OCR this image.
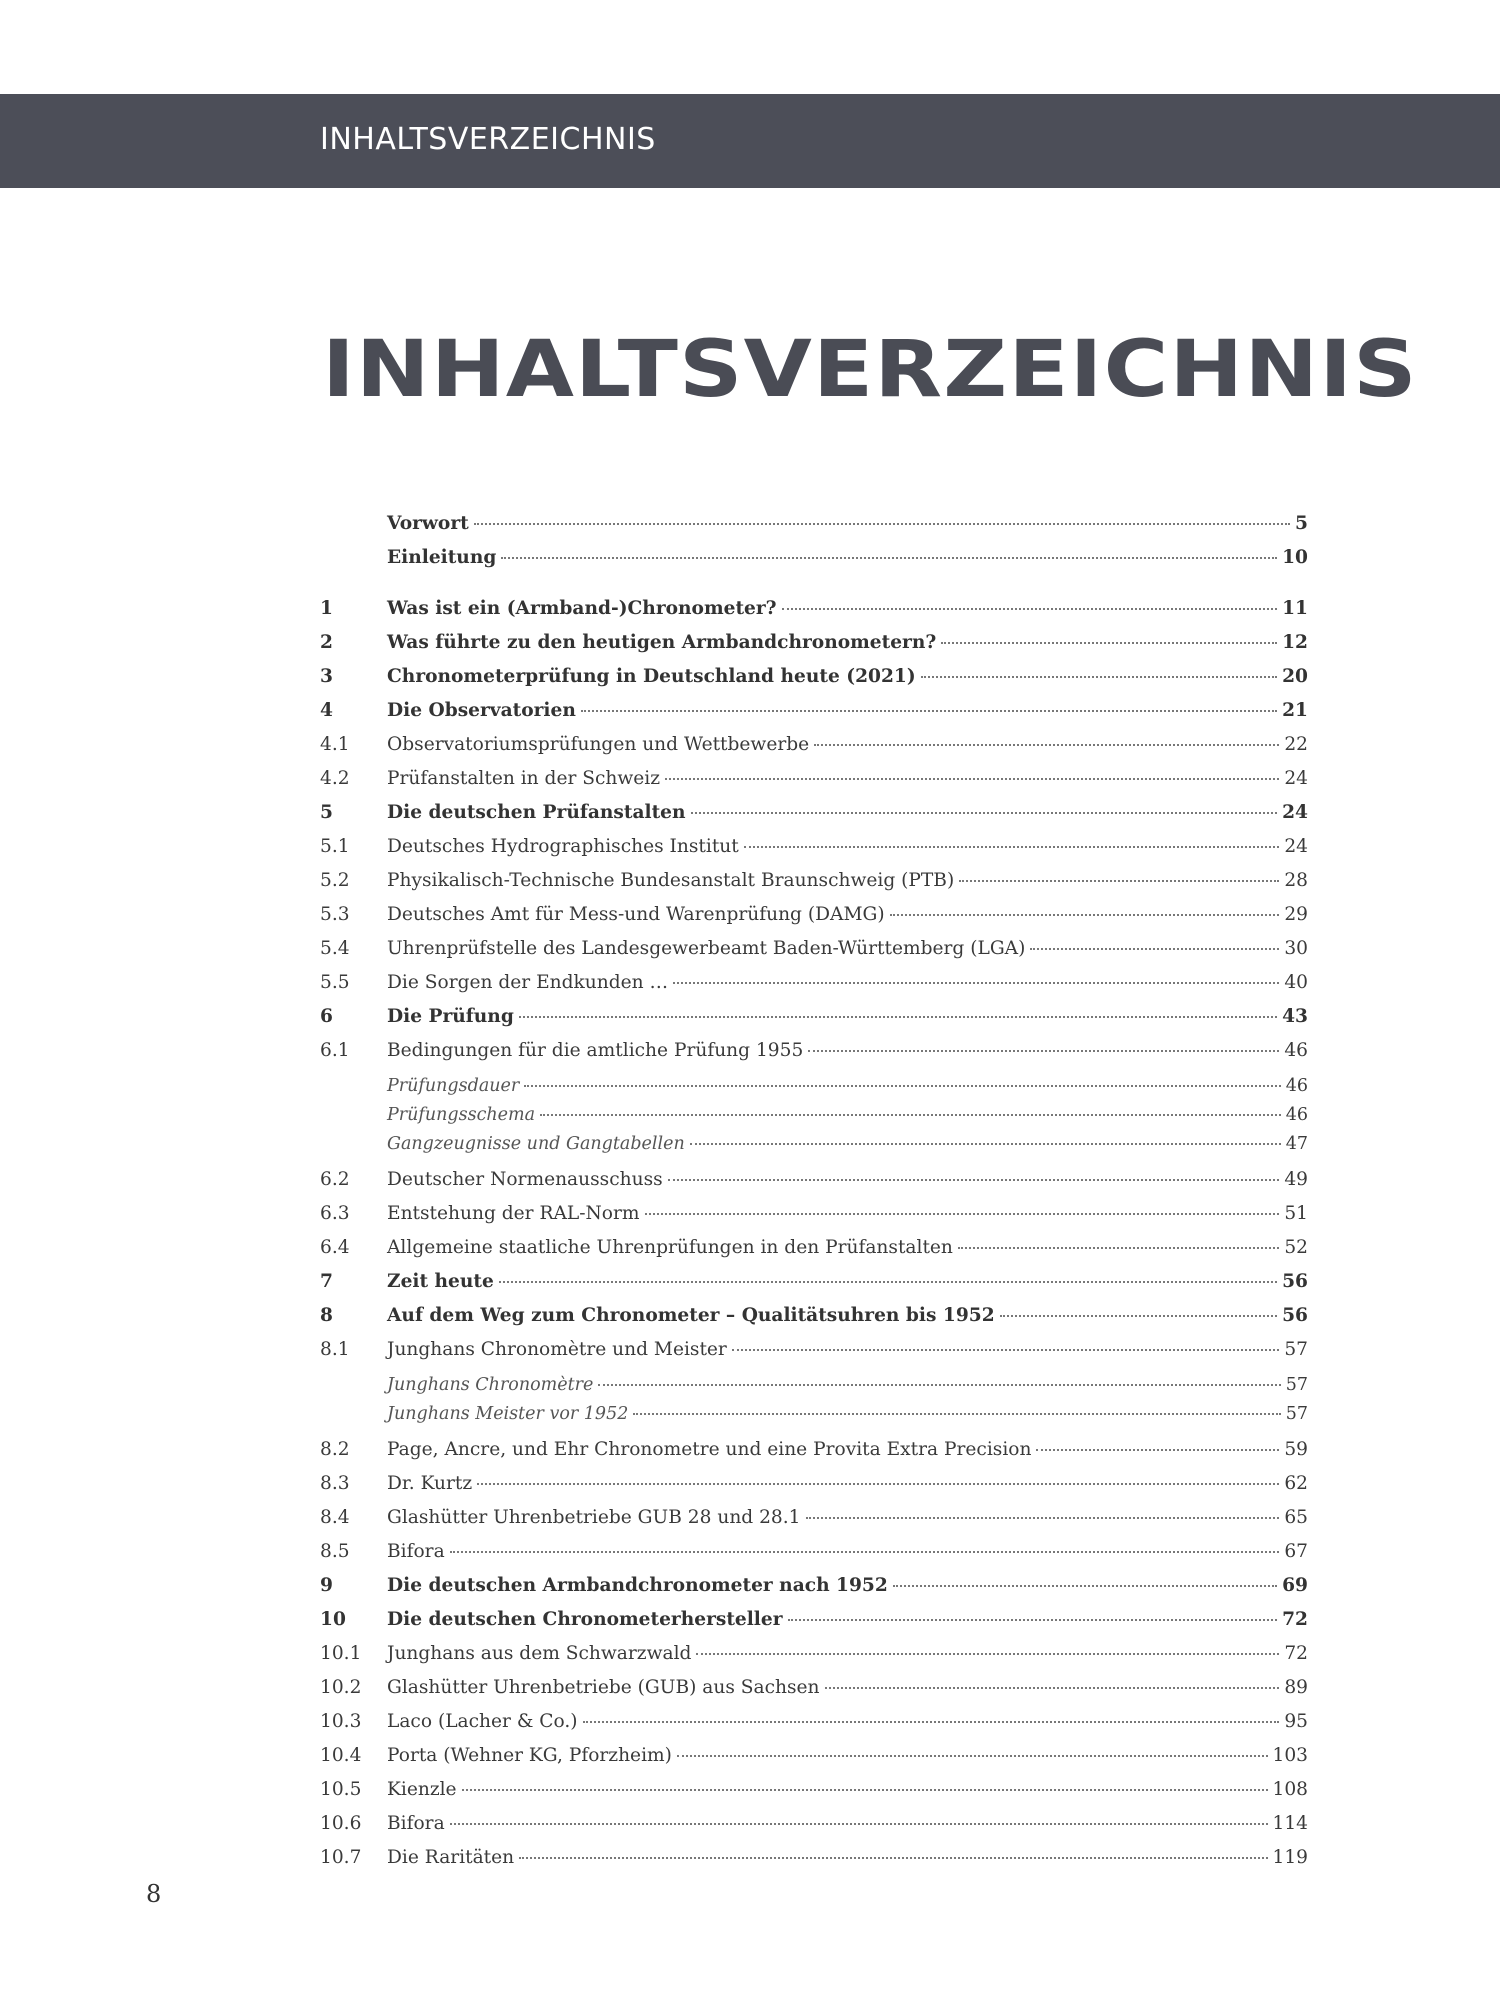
INHALTSVERZEICHNIS
INHALTSVERZEICHNIS
Vorwort	5
Einleitung	10
1	Was ist ein (Armband-)Chronometer?	11
2	Was führte zu den heutigen Armbandchronometern?	12
3	Chronometerprüfung in Deutschland heute (2021)	20
4	Die Observatorien	21
4.1	Observatoriumsprüfungen und Wettbewerbe	22
4.2	Prüfanstalten in der Schweiz	24
5	Die deutschen Prüfanstalten	24
5.1	Deutsches Hydrographisches Institut	24
5.2	Physikalisch-Technische Bundesanstalt Braunschweig (PTB)	28
5.3	Deutsches Amt für Mess-und Warenprüfung (DAMG)	29
5.4	Uhrenprüfstelle des Landesgewerbeamt Baden-Württemberg (LGA)	30
5.5	Die Sorgen der Endkunden …	40
6	Die Prüfung	43
6.1	Bedingungen für die amtliche Prüfung 1955	46
Prüfungsdauer	46
Prüfungsschema	46
Gangzeugnisse und Gangtabellen	47
6.2	Deutscher Normenausschuss	49
6.3	Entstehung der RAL-Norm	51
6.4	Allgemeine staatliche Uhrenprüfungen in den Prüfanstalten	52
7	Zeit heute	56
8	Auf dem Weg zum Chronometer – Qualitätsuhren bis 1952	56
8.1	Junghans Chronomètre und Meister	57
Junghans Chronomètre	57
Junghans Meister vor 1952	57
8.2	Page, Ancre, und Ehr Chronometre und eine Provita Extra Precision	59
8.3	Dr. Kurtz	62
8.4	Glashütter Uhrenbetriebe GUB 28 und 28.1	65
8.5	Bifora	67
9	Die deutschen Armbandchronometer nach 1952	69
10	Die deutschen Chronometerhersteller	72
10.1	Junghans aus dem Schwarzwald	72
10.2	Glashütter Uhrenbetriebe (GUB) aus Sachsen	89
10.3	Laco (Lacher & Co.)	95
10.4	Porta (Wehner KG, Pforzheim)	103
10.5	Kienzle	108
10.6	Bifora	114
10.7	Die Raritäten	119
8
